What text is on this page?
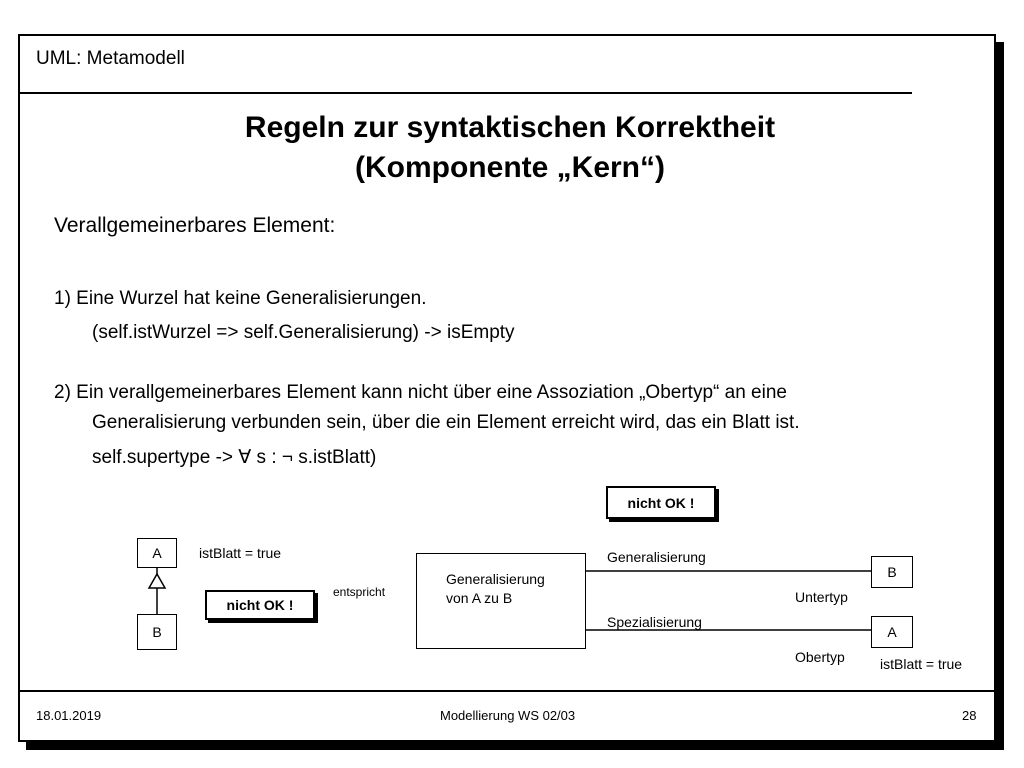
UML: Metamodell
Regeln zur syntaktischen Korrektheit
(Komponente „Kern“)
Verallgemeinerbares Element:
1) Eine Wurzel hat keine Generalisierungen.
(self.istWurzel => self.Generalisierung) -> isEmpty
2) Ein verallgemeinerbares Element kann nicht über eine Assoziation „Obertyp“ an eine
Generalisierung verbunden sein, über die ein Element erreicht wird, das ein Blatt ist.
self.supertype -> ∀ s : ¬ s.istBlatt)
A
B
istBlatt = true
nicht OK !
entspricht
nicht OK !
Generalisierung
von A zu B
Generalisierung
Spezialisierung
B
A
Untertyp
Obertyp	istBlatt = true
18.01.2019	Modellierung WS 02/03	28
